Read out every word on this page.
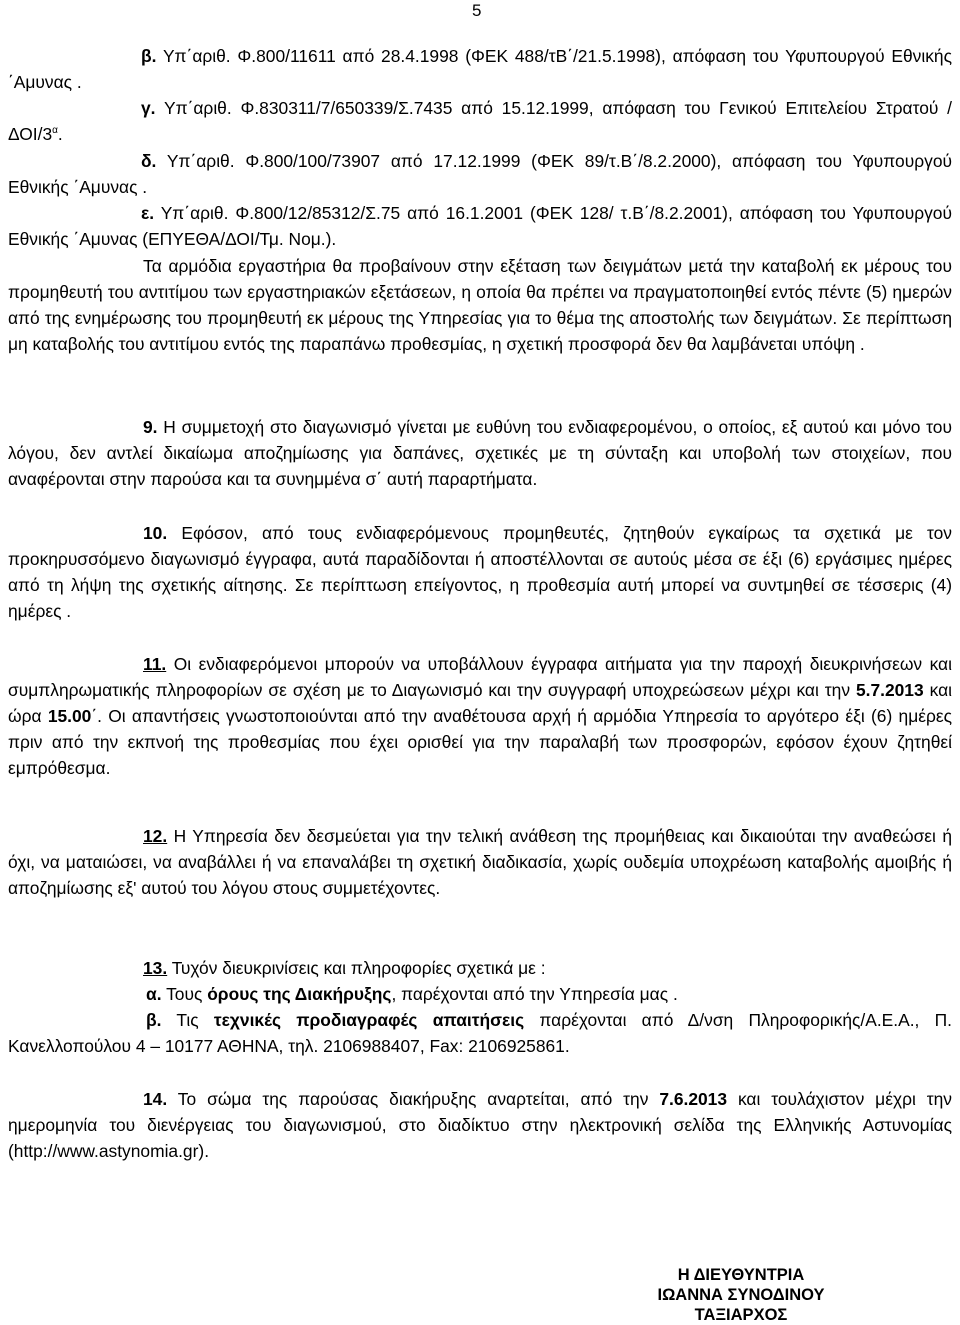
5

β. Υπ΄αριθ. Φ.800/11611 από 28.4.1998 (ΦΕΚ 488/τΒ΄/21.5.1998), απόφαση του Υφυπουργού Εθνικής ΄Αμυνας .

γ. Υπ΄αριθ. Φ.830311/7/650339/Σ.7435 από 15.12.1999, απόφαση του Γενικού Επιτελείου Στρατού $/\Delta OI/3^\alpha$.

δ. Υπ΄αριθ. Φ.800/100/73907 από 17.12.1999 (ΦΕΚ 89/τ.Β΄/8.2.2000), απόφαση του Υφυπουργού Εθνικής ΄Αμυνας .

ε. Υπ΄αριθ. Φ.800/12/85312/Σ.75 από 16.1.2001 (ΦΕΚ 128/ τ.Β΄/8.2.2001), απόφαση του Υφυπουργού Εθνικής ΄Αμυνας (ΕΠΥΕΘΑ/ΔΟΙ/Τμ. Νομ.).

Τα αρμόδια εργαστήρια θα προβαίνουν στην εξέταση των δειγμάτων μετά την καταβολή εκ μέρους του προμηθευτή του αντιτίμου των εργαστηριακών εξετάσεων, η οποία θα πρέπει να πραγματοποιηθεί εντός πέντε (5) ημερών από της ενημέρωσης του προμηθευτή εκ μέρους της Υπηρεσίας για το θέμα της αποστολής των δειγμάτων. Σε περίπτωση μη καταβολής του αντιτίμου εντός της παραπάνω προθεσμίας, η σχετική προσφορά δεν θα λαμβάνεται υπόψη .

9. Η συμμετοχή στο διαγωνισμό γίνεται με ευθύνη του ενδιαφερομένου, ο οποίος, εξ αυτού και μόνο του λόγου, δεν αντλεί δικαίωμα αποζημίωσης για δαπάνες, σχετικές με τη σύνταξη και υποβολή των στοιχείων, που αναφέρονται στην παρούσα και τα συνημμένα σ΄ αυτή παραρτήματα.

10. Εφόσον, από τους ενδιαφερόμενους προμηθευτές, ζητηθούν εγκαίρως τα σχετικά με τον προκηρυσσόμενο διαγωνισμό έγγραφα, αυτά παραδίδονται ή αποστέλλονται σε αυτούς μέσα σε έξι (6) εργάσιμες ημέρες από τη λήψη της σχετικής αίτησης. Σε περίπτωση επείγοντος, η προθεσμία αυτή μπορεί να συντμηθεί σε τέσσερις (4) ημέρες .

11. Οι ενδιαφερόμενοι μπορούν να υποβάλλουν έγγραφα αιτήματα για την παροχή διευκρινήσεων και συμπληρωματικής πληροφορίων σε σχέση με το Διαγωνισμό και την συγγραφή υποχρεώσεων μέχρι και την 5.7.2013 και ώρα 15.00΄. Οι απαντήσεις γνωστοποιούνται από την αναθέτουσα αρχή ή αρμόδια Υπηρεσία το αργότερο έξι (6) ημέρες πριν από την εκπνοή της προθεσμίας που έχει ορισθεί για την παραλαβή των προσφορών, εφόσον έχουν ζητηθεί εμπρόθεσμα.

12. Η Υπηρεσία δεν δεσμεύεται για την τελική ανάθεση της προμήθειας και δικαιούται την αναθεώσει ή όχι, να ματαιώσει, να αναβάλλει ή να επαναλάβει τη σχετική διαδικασία, χωρίς ουδεμία υποχρέωση καταβολής αμοιβής ή αποζημίωσης εξ' αυτού του λόγου στους συμμετέχοντες.

13. Τυχόν διευκρινίσεις και πληροφορίες σχετικά με :

α. Τους όρους της Διακήρυξης, παρέχονται από την Υπηρεσία μας .

β. Τις τεχνικές προδιαγραφές απαιτήσεις παρέχονται από Δ/νση Πληροφορικής/Α.Ε.Α., Π. Κανελλοπούλου 4 – 10177 ΑΘΗΝΑ, τηλ. 2106988407, Fax: 2106925861.

14. Το σώμα της παρούσας διακήρυξης αναρτείται, από την 7.6.2013 και τουλάχιστον μέχρι την ημερομηνία του διενέργειας του διαγωνισμού, στο διαδίκτυο στην ηλεκτρονική σελίδα της Ελληνικής Αστυνομίας (http://www.astynomia.gr).

Η ΔΙΕΥΘΥΝΤΡΙΑ
ΙΩΑΝΝΑ ΣΥΝΟΔΙΝΟΥ
ΤΑΞΙΑΡΧΟΣ
